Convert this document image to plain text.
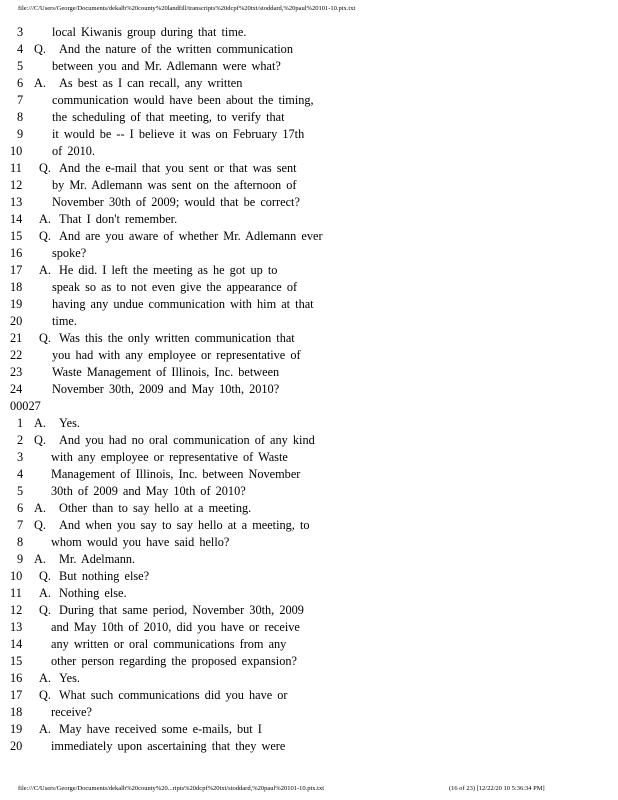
file:///C/Users/George/Documents/dekalb%20county%20landfill/transcripts%20dcpf%20txt/stoddard,%20paul%20101-10.ptx.txt
3 local Kiwanis group during that time.
4 Q. And the nature of the written communication
5 between you and Mr. Adlemann were what?
6 A. As best as I can recall, any written
7 communication would have been about the timing,
8 the scheduling of that meeting, to verify that
9 it would be -- I believe it was on February 17th
10 of 2010.
11 Q. And the e-mail that you sent or that was sent
12 by Mr. Adlemann was sent on the afternoon of
13 November 30th of 2009; would that be correct?
14 A. That I don't remember.
15 Q. And are you aware of whether Mr. Adlemann ever
16 spoke?
17 A. He did. I left the meeting as he got up to
18 speak so as to not even give the appearance of
19 having any undue communication with him at that
20 time.
21 Q. Was this the only written communication that
22 you had with any employee or representative of
23 Waste Management of Illinois, Inc. between
24 November 30th, 2009 and May 10th, 2010?
00027
1 A. Yes.
2 Q. And you had no oral communication of any kind
3 with any employee or representative of Waste
4 Management of Illinois, Inc. between November
5 30th of 2009 and May 10th of 2010?
6 A. Other than to say hello at a meeting.
7 Q. And when you say to say hello at a meeting, to
8 whom would you have said hello?
9 A. Mr. Adelmann.
10 Q. But nothing else?
11 A. Nothing else.
12 Q. During that same period, November 30th, 2009
13 and May 10th of 2010, did you have or receive
14 any written or oral communications from any
15 other person regarding the proposed expansion?
16 A. Yes.
17 Q. What such communications did you have or
18 receive?
19 A. May have received some e-mails, but I
20 immediately upon ascertaining that they were
file:///C/Users/George/Documents/dekalb%20county%20...ripts%20dcpf%20txt/stoddard,%20paul%20101-10.ptx.txt	(16 of 23) [12/22/20 10 5:36:34 PM]
